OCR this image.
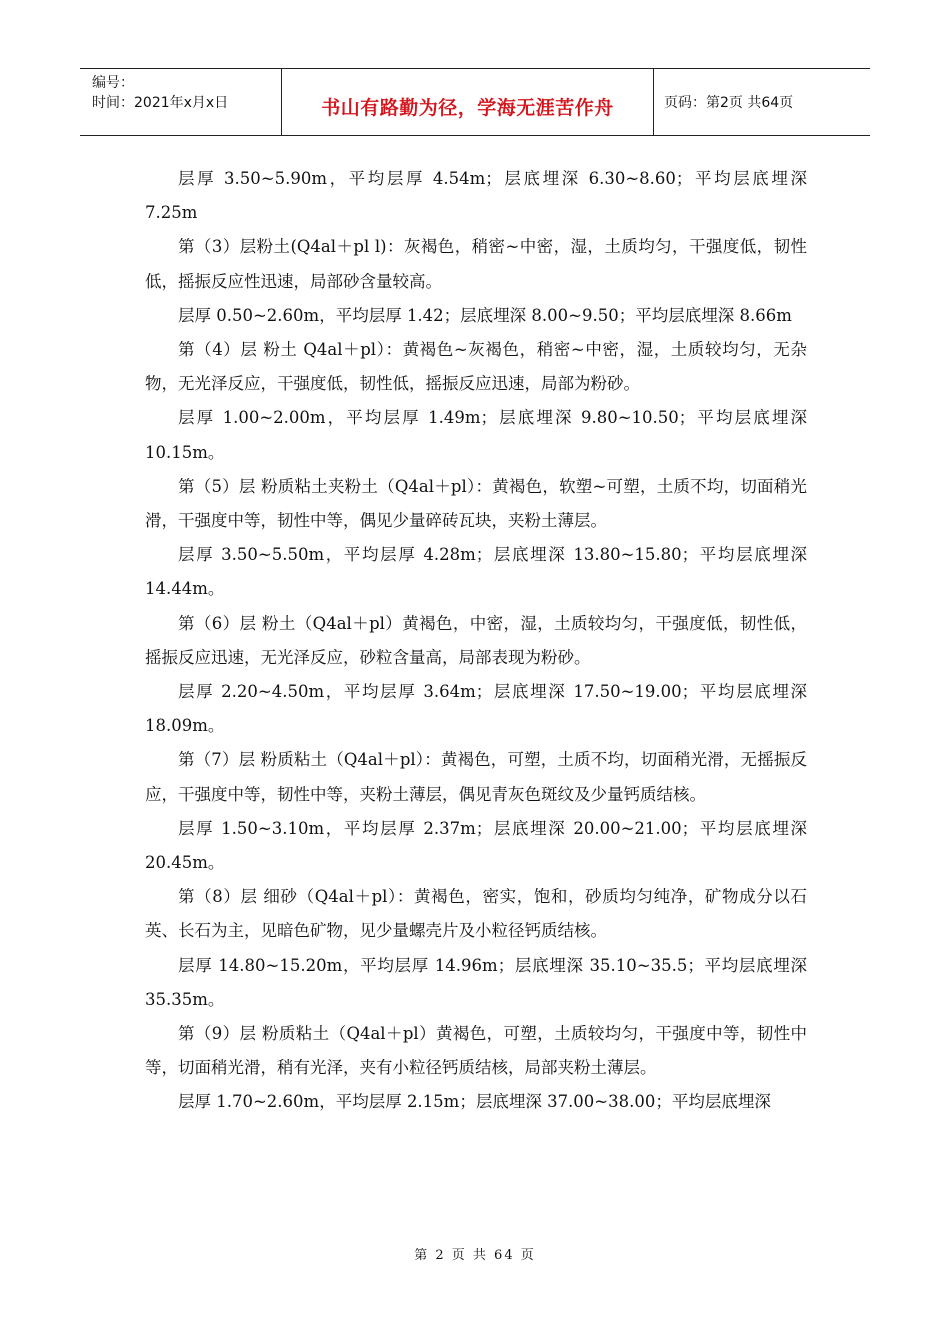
编号：
时间：2021年x月x日	书山有路勤为径，学海无涯苦作舟	页码：第2页 共64页

层厚 3.50~5.90m，平均层厚 4.54m；层底埋深 6.30~8.60；平均层底埋深 7.25m

第（3）层粉土(Q4al＋pl l)：灰褐色，稍密~中密，湿，土质均匀，干强度低，韧性低，摇振反应性迅速，局部砂含量较高。

层厚 0.50~2.60m，平均层厚 1.42；层底埋深 8.00~9.50；平均层底埋深 8.66m

第（4）层 粉土 Q4al＋pl）：黄褐色~灰褐色，稍密~中密，湿，土质较均匀，无杂物，无光泽反应，干强度低，韧性低，摇振反应迅速，局部为粉砂。

层厚 1.00~2.00m，平均层厚 1.49m；层底埋深 9.80~10.50；平均层底埋深 10.15m。

第（5）层 粉质粘土夹粉土（Q4al＋pl）：黄褐色，软塑~可塑，土质不均，切面稍光滑，干强度中等，韧性中等，偶见少量碎砖瓦块，夹粉土薄层。

层厚 3.50~5.50m，平均层厚 4.28m；层底埋深 13.80~15.80；平均层底埋深 14.44m。

第（6）层 粉土（Q4al＋pl）黄褐色，中密，湿，土质较均匀，干强度低，韧性低，摇振反应迅速，无光泽反应，砂粒含量高，局部表现为粉砂。

层厚 2.20~4.50m，平均层厚 3.64m；层底埋深 17.50~19.00；平均层底埋深 18.09m。

第（7）层 粉质粘土（Q4al＋pl）：黄褐色，可塑，土质不均，切面稍光滑，无摇振反应，干强度中等，韧性中等，夹粉土薄层，偶见青灰色斑纹及少量钙质结核。

层厚 1.50~3.10m，平均层厚 2.37m；层底埋深 20.00~21.00；平均层底埋深 20.45m。

第（8）层 细砂（Q4al＋pl）：黄褐色，密实，饱和，砂质均匀纯净，矿物成分以石英、长石为主，见暗色矿物，见少量螺壳片及小粒径钙质结核。

层厚 14.80~15.20m，平均层厚 14.96m；层底埋深 35.10~35.5；平均层底埋深 35.35m。

第（9）层 粉质粘土（Q4al＋pl）黄褐色，可塑，土质较均匀，干强度中等，韧性中等，切面稍光滑，稍有光泽，夹有小粒径钙质结核，局部夹粉土薄层。

层厚 1.70~2.60m，平均层厚 2.15m；层底埋深 37.00~38.00；平均层底埋深

第 2 页 共 64 页
